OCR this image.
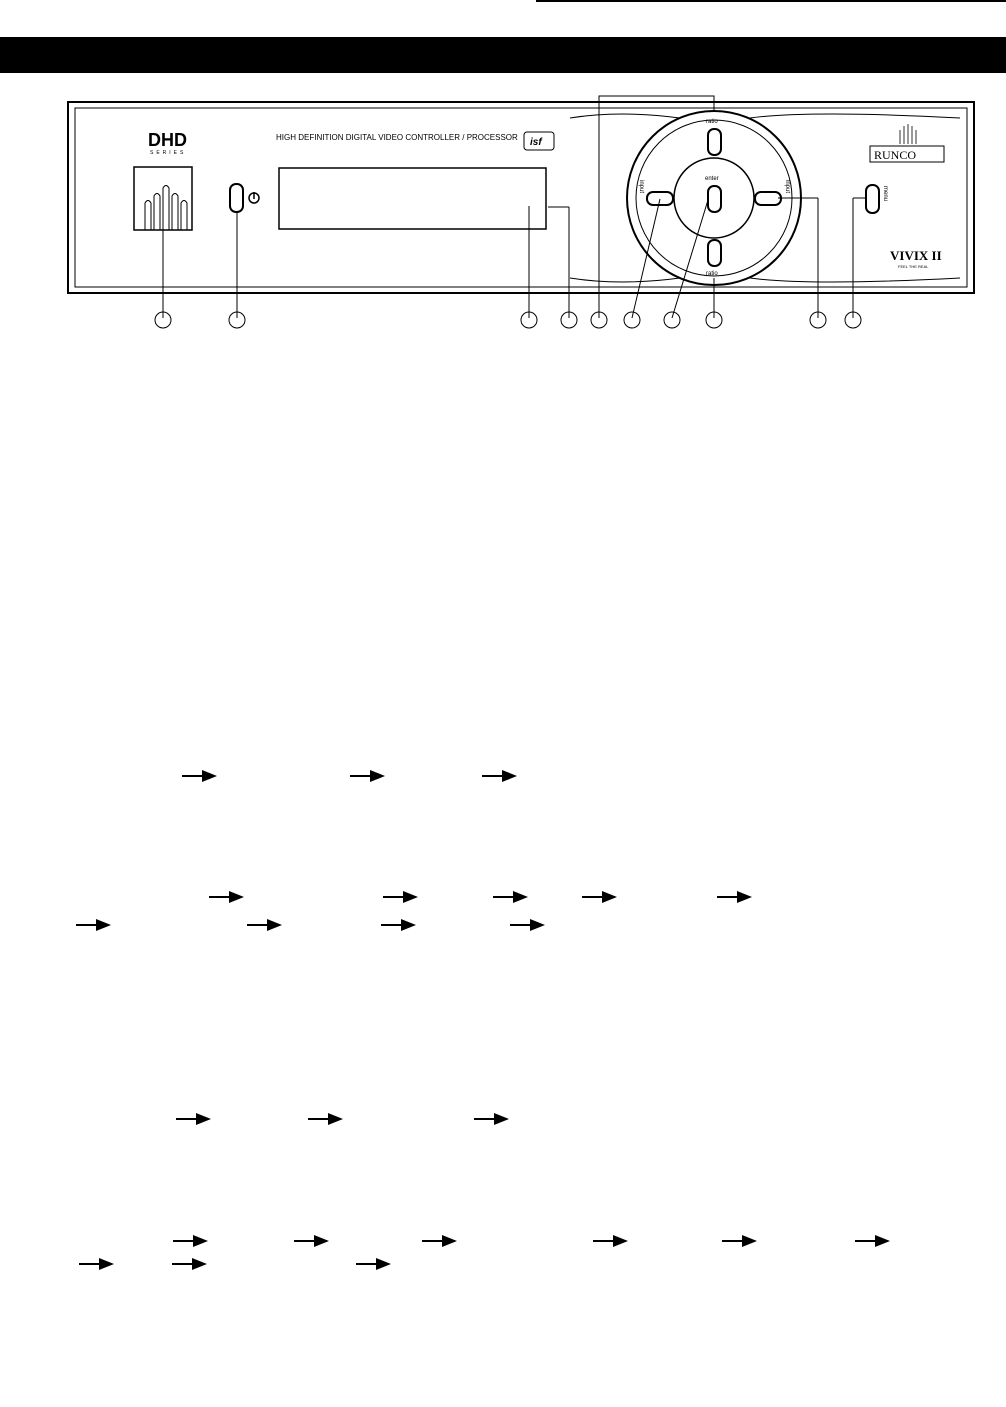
DHD
SERIES
HIGH DEFINITION DIGITAL VIDEO CONTROLLER / PROCESSOR isf
RUNCO
VIVIX II
FEEL THE REAL
ratio
enter
ratio
input	input	menu
